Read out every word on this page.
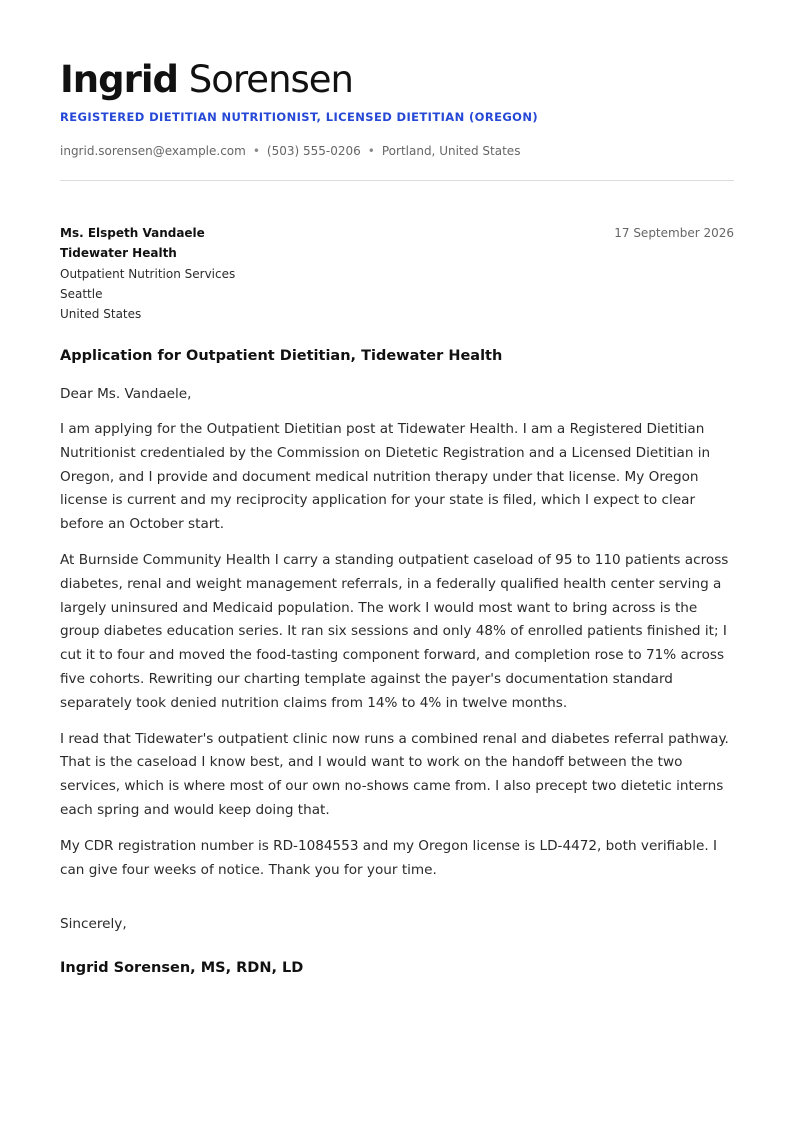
Ingrid Sorensen
REGISTERED DIETITIAN NUTRITIONIST, LICENSED DIETITIAN (OREGON)
ingrid.sorensen@example.com • (503) 555-0206 • Portland, United States
Ms. Elspeth Vandaele
Tidewater Health
Outpatient Nutrition Services
Seattle
United States
17 September 2026
Application for Outpatient Dietitian, Tidewater Health
Dear Ms. Vandaele,
I am applying for the Outpatient Dietitian post at Tidewater Health. I am a Registered Dietitian Nutritionist credentialed by the Commission on Dietetic Registration and a Licensed Dietitian in Oregon, and I provide and document medical nutrition therapy under that license. My Oregon license is current and my reciprocity application for your state is filed, which I expect to clear before an October start.
At Burnside Community Health I carry a standing outpatient caseload of 95 to 110 patients across diabetes, renal and weight management referrals, in a federally qualified health center serving a largely uninsured and Medicaid population. The work I would most want to bring across is the group diabetes education series. It ran six sessions and only 48% of enrolled patients finished it; I cut it to four and moved the food-tasting component forward, and completion rose to 71% across five cohorts. Rewriting our charting template against the payer's documentation standard separately took denied nutrition claims from 14% to 4% in twelve months.
I read that Tidewater's outpatient clinic now runs a combined renal and diabetes referral pathway. That is the caseload I know best, and I would want to work on the handoff between the two services, which is where most of our own no-shows came from. I also precept two dietetic interns each spring and would keep doing that.
My CDR registration number is RD-1084553 and my Oregon license is LD-4472, both verifiable. I can give four weeks of notice. Thank you for your time.
Sincerely,
Ingrid Sorensen, MS, RDN, LD
